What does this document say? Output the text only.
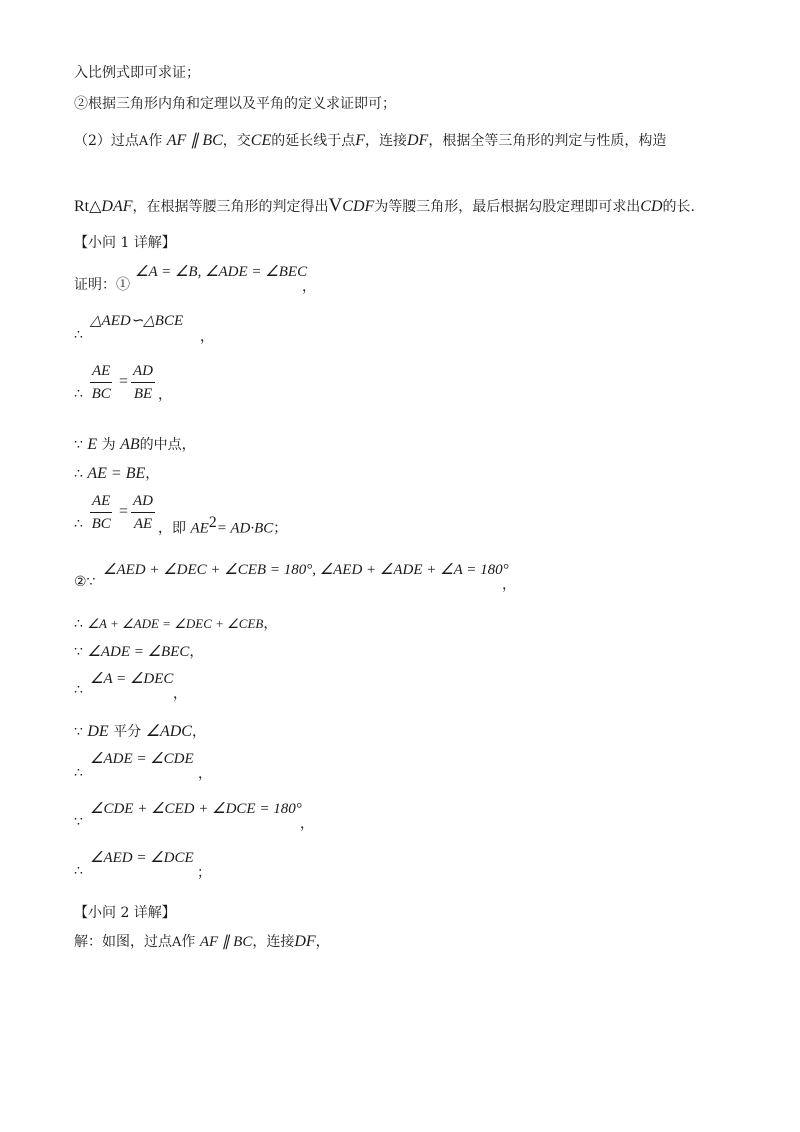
入比例式即可求证；
②根据三角形内角和定理以及平角的定义求证即可；
（2）过点A作 AF ∥ BC，交CE的延长线于点F，连接DF，根据全等三角形的判定与性质，构造
Rt△DAF，在根据等腰三角形的判定得出VCDF为等腰三角形，最后根据勾股定理即可求出CD的长.
【小问 1 详解】
证明：①
∠A = ∠B, ∠ADE = ∠BEC
，
∴
△AED∽△BCE
，
∴ $\frac{AE}{BC} = \frac{AD}{BE}$ ，
∵ E 为 AB的中点，
∴ AE = BE，
∴ $\frac{AE}{BC} = \frac{AD}{AE}$ ，即 $AE^2= AD\cdot BC$；
②∵
∠AED + ∠DEC + ∠CEB = 180°, ∠AED + ∠ADE + ∠A = 180°
，
∴ ∠A + ∠ADE = ∠DEC + ∠CEB，
∵ ∠ADE = ∠BEC，
∴
∠A = ∠DEC
，
∵ DE 平分 ∠ADC，
∴
∠ADE = ∠CDE
，
∵
∠CDE + ∠CED + ∠DCE = 180°
，
∴
∠AED = ∠DCE
；
【小问 2 详解】
解：如图，过点A作 AF ∥ BC，连接DF，
